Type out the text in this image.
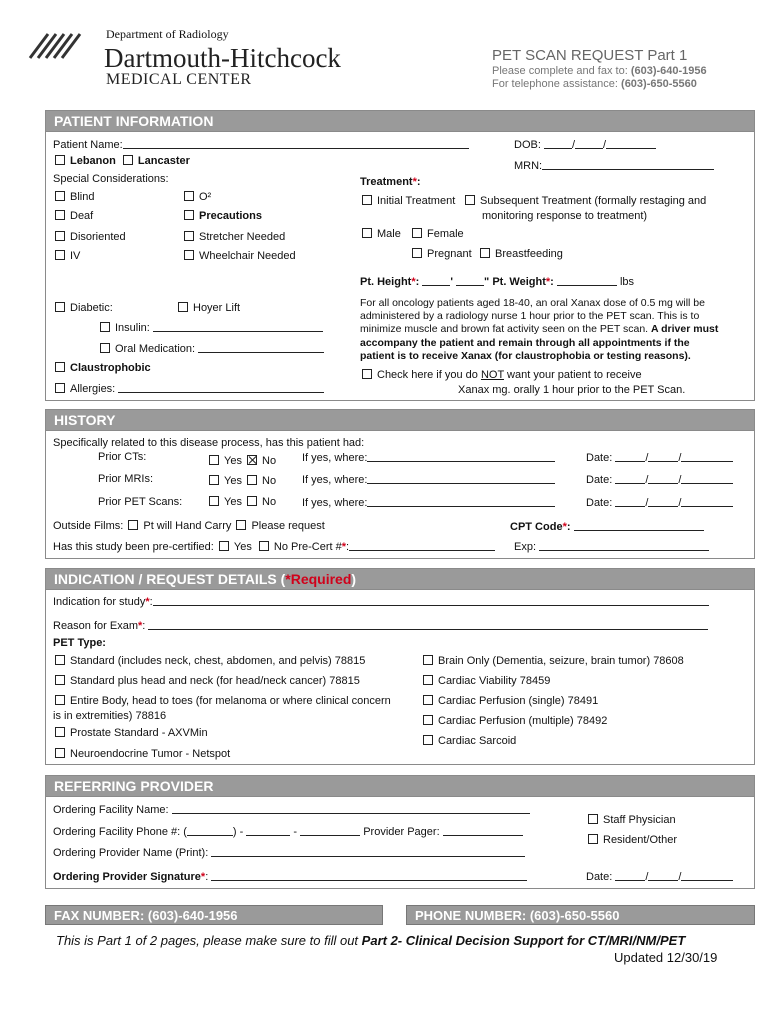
Department of Radiology
Dartmouth-Hitchcock
MEDICAL CENTER
PET SCAN REQUEST Part 1
Please complete and fax to: (603)-640-1956
For telephone assistance: (603)-650-5560
PATIENT INFORMATION
Patient Name:	DOB:	/	/
Lebanon Lancaster	MRN:
Special Considerations:	Treatment*:
Blind
Deaf
Disoriented
IV
O²
Precautions
Stretcher Needed
Wheelchair Needed
Initial Treatment	Subsequent Treatment (formally restaging and
monitoring response to treatment)
Male	Female
Pregnant	Breastfeeding
Pt. Height*:	'	" Pt. Weight*:	lbs
Diabetic:	Hoyer Lift
Insulin:
Oral Medication:
Claustrophobic
Allergies:
For all oncology patients aged 18-40, an oral Xanax dose of 0.5 mg will be
administered by a radiology nurse 1 hour prior to the PET scan. This is to
minimize muscle and brown fat activity seen on the PET scan. A driver must
accompany the patient and remain through all appointments if the
patient is to receive Xanax (for claustrophobia or testing reasons).
Check here if you do NOT want your patient to receive
Xanax mg. orally 1 hour prior to the PET Scan.
HISTORY
Specifically related to this disease process, has this patient had:
Prior CTs:	Yes No If yes, where:	Date:	/	/
Prior MRIs:	Yes No If yes, where:	Date:	/	/
Prior PET Scans:	Yes No If yes, where:	Date:	/	/
Outside Films: Pt will Hand Carry Please request	CPT Code*:
Has this study been pre-certified: Yes No Pre-Cert #*:	Exp:
INDICATION / REQUEST DETAILS (*Required)
Indication for study*:
Reason for Exam*:
PET Type:
Standard (includes neck, chest, abdomen, and pelvis) 78815
Standard plus head and neck (for head/neck cancer) 78815
Entire Body, head to toes (for melanoma or where clinical concern
is in extremities) 78816
Prostate Standard - AXVMin
Neuroendocrine Tumor - Netspot
Brain Only (Dementia, seizure, brain tumor) 78608
Cardiac Viability 78459
Cardiac Perfusion (single) 78491
Cardiac Perfusion (multiple) 78492
Cardiac Sarcoid
REFERRING PROVIDER
Ordering Facility Name:
Ordering Facility Phone #: (	) -	-	Provider Pager:
Ordering Provider Name (Print):
Ordering Provider Signature*:
Staff Physician
Resident/Other
Date:	/	/
FAX NUMBER: (603)-640-1956	PHONE NUMBER: (603)-650-5560
This is Part 1 of 2 pages, please make sure to fill out Part 2- Clinical Decision Support for CT/MRI/NM/PET
Updated 12/30/19
